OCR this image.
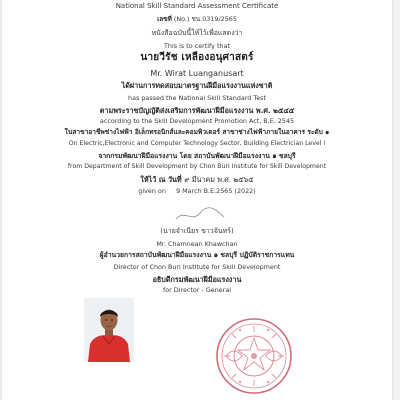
National Skill Standard Assessment Certificate
เลขที่ (No.) ชน.0319/2565
หนังสือฉบับนี้ให้ไว้เพื่อแสดงว่า
This is to certify that
นายวีรัช เหลืองอนุศาสตร์
Mr. Wirat Luanganusart
ได้ผ่านการทดสอบมาตรฐานฝีมือแรงงานแห่งชาติ
has passed the National Skill Standard Test
ตามพระราชบัญญัติส่งเสริมการพัฒนาฝีมือแรงงาน พ.ศ. ๒๕๔๕
according to the Skill Development Promotion Act, B.E. 2545
ในสาขาอาชีพช่างไฟฟ้า อิเล็กทรอนิกส์และคอมพิวเตอร์ สาขาช่างไฟฟ้าภายในอาคาร ระดับ ๑
On Electric,Electronic and Computer Technology Sector, Building Electrician Level I
จากกรมพัฒนาฝีมือแรงงาน โดย สถาบันพัฒนาฝีมือแรงงาน ๑ ชลบุรี
from Department of Skill Development by Chon Buri Institute for Skill Development
ให้ไว้ ณ วันที่ ๙ มีนาคม พ.ศ. ๒๕๖๕
given on 9 March B.E.2565 (2022)
(นายจำเนียร ขาวจันทร์)
Mr. Chamnean Khawchan
ผู้อำนวยการสถาบันพัฒนาฝีมือแรงงาน ๑ ชลบุรี ปฏิบัติราชการแทน
Director of Chon Buri Institute for Skill Development
อธิบดีกรมพัฒนาฝีมือแรงงาน
for Director - General
